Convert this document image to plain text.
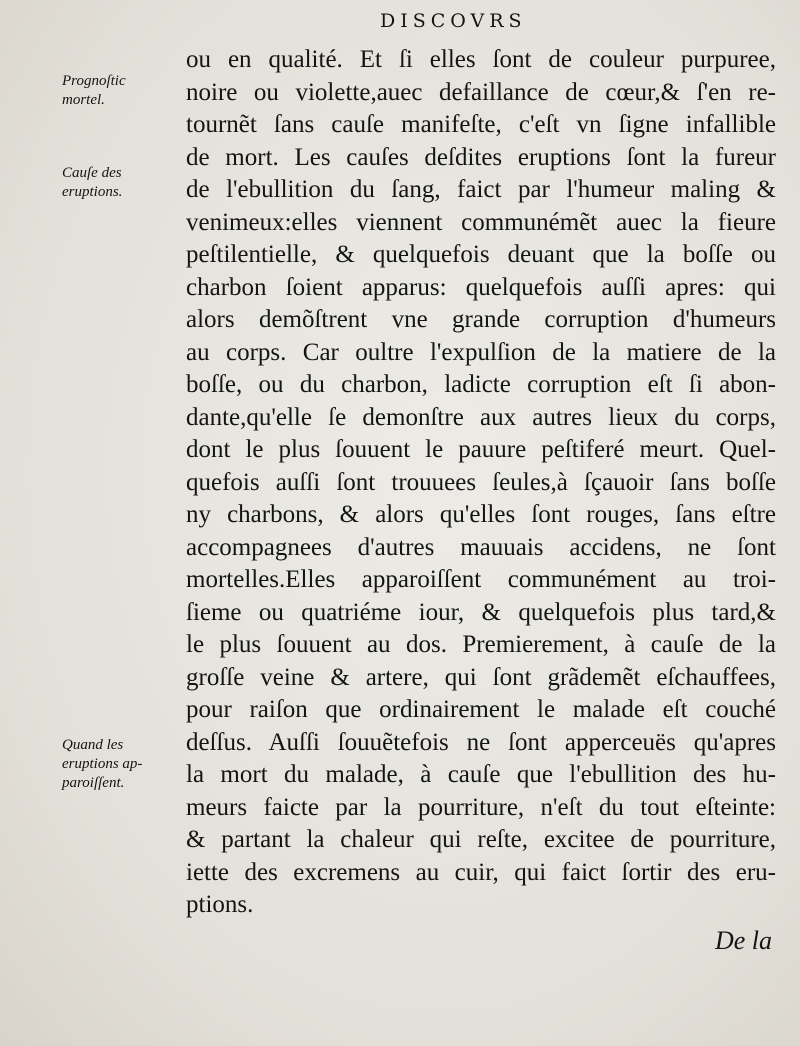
DISCOVRS
Prognoſtic
mortel.
Cauſe des
eruptions.
Quand les
eruptions ap-
paroiſſent.
ou en qualité. Et ſi elles ſont de couleur purpuree,
noire ou violette,auec defaillance de cœur,& ſ'en re-
tournẽt ſans cauſe manifeſte, c'eſt vn ſigne infallible
de mort. Les cauſes deſdites eruptions ſont la fureur
de l'ebullition du ſang, faict par l'humeur maling &
venimeux:elles viennent communémẽt auec la fieure
peſtilentielle, & quelquefois deuant que la boſſe ou
charbon ſoient apparus: quelquefois auſſi apres: qui
alors demõſtrent vne grande corruption d'humeurs
au corps. Car oultre l'expulſion de la matiere de la
boſſe, ou du charbon, ladicte corruption eſt ſi abon-
dante,qu'elle ſe demonſtre aux autres lieux du corps,
dont le plus ſouuent le pauure peſtiferé meurt. Quel-
quefois auſſi ſont trouuees ſeules,à ſçauoir ſans boſſe
ny charbons, & alors qu'elles ſont rouges, ſans eſtre
accompagnees d'autres mauuais accidens, ne ſont
mortelles.Elles apparoiſſent communément au troi-
ſieme ou quatriéme iour, & quelquefois plus tard,&
le plus ſouuent au dos. Premierement, à cauſe de la
groſſe veine & artere, qui ſont grãdemẽt eſchauffees,
pour raiſon que ordinairement le malade eſt couché
deſſus. Auſſi ſouuẽtefois ne ſont apperceuës qu'apres
la mort du malade, à cauſe que l'ebullition des hu-
meurs faicte par la pourriture, n'eſt du tout eſteinte:
& partant la chaleur qui reſte, excitee de pourriture,
iette des excremens au cuir, qui faict ſortir des eru-
ptions.
De la
